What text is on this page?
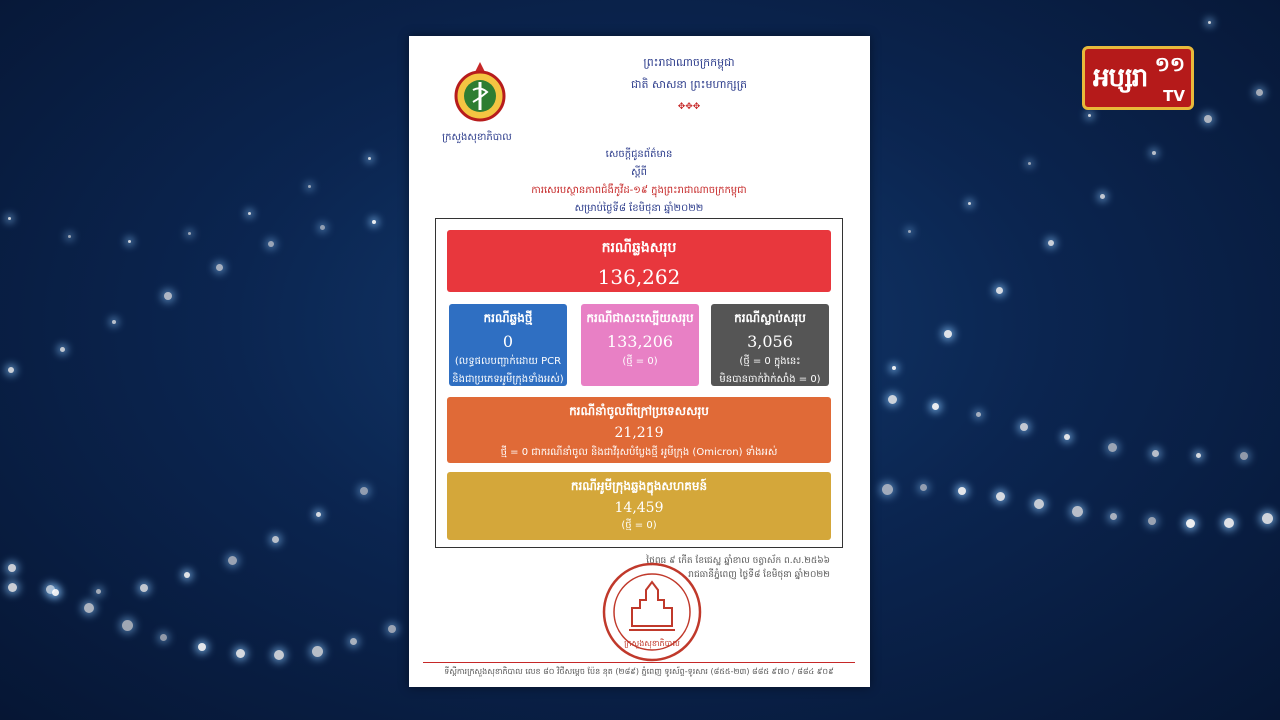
អប្សរា ១១
TV
ក្រសួងសុខាភិបាល
ព្រះរាជាណាចក្រកម្ពុជា
ជាតិ សាសនា ព្រះមហាក្សត្រ
✥✥✥
សេចក្ដីជូនព័ត៌មាន
ស្ដីពី
ការសេរបស្ថានភាពជំងឺកូវីដ-១៩ ក្នុងព្រះរាជាណាចក្រកម្ពុជា
សម្រាប់ថ្ងៃទី៨ ខែមិថុនា ឆ្នាំ២០២២
ករណីឆ្លងសរុប
136,262
ករណីឆ្លងថ្មី
0
(លទ្ធផលបញ្ជាក់ដោយ PCR
និងជាប្រភេទអូមីក្រុងទាំងអស់)
ករណីជាសះស្បើយសរុប
133,206
(ថ្មី = 0)
ករណីស្លាប់សរុប
3,056
(ថ្មី = 0 ក្នុងនេះ
មិនបានចាក់វ៉ាក់សាំង = 0)
ករណីនាំចូលពីក្រៅប្រទេសសរុប
21,219
ថ្មី = 0 ជាករណីនាំចូល និងជាវីរុសបំប្លែងថ្មី អូមីក្រុង (Omicron) ទាំងអស់
ករណីអូមីក្រុងឆ្លងក្នុងសហគមន៍
14,459
(ថ្មី = 0)
ថ្ងៃពុធ ៩ កើត ខែជេស្ឋ ឆ្នាំខាល ចត្វាស័ក ព.ស.២៥៦៦
រាជធានីភ្នំពេញ ថ្ងៃទី៨ ខែមិថុនា ឆ្នាំ២០២២
ក្រសួងសុខាភិបាល
ទីស្ដីការក្រសួងសុខាភិបាល លេខ ៨០ វិថីសម្ដេច ប៉ែន នុត (២៨៩) ភ្នំពេញ ទូរស័ព្ទ-ទូរសារ (៨៥៥-២៣) ៨៨៥ ៩៧០ / ៨៨៤ ៩០៩
